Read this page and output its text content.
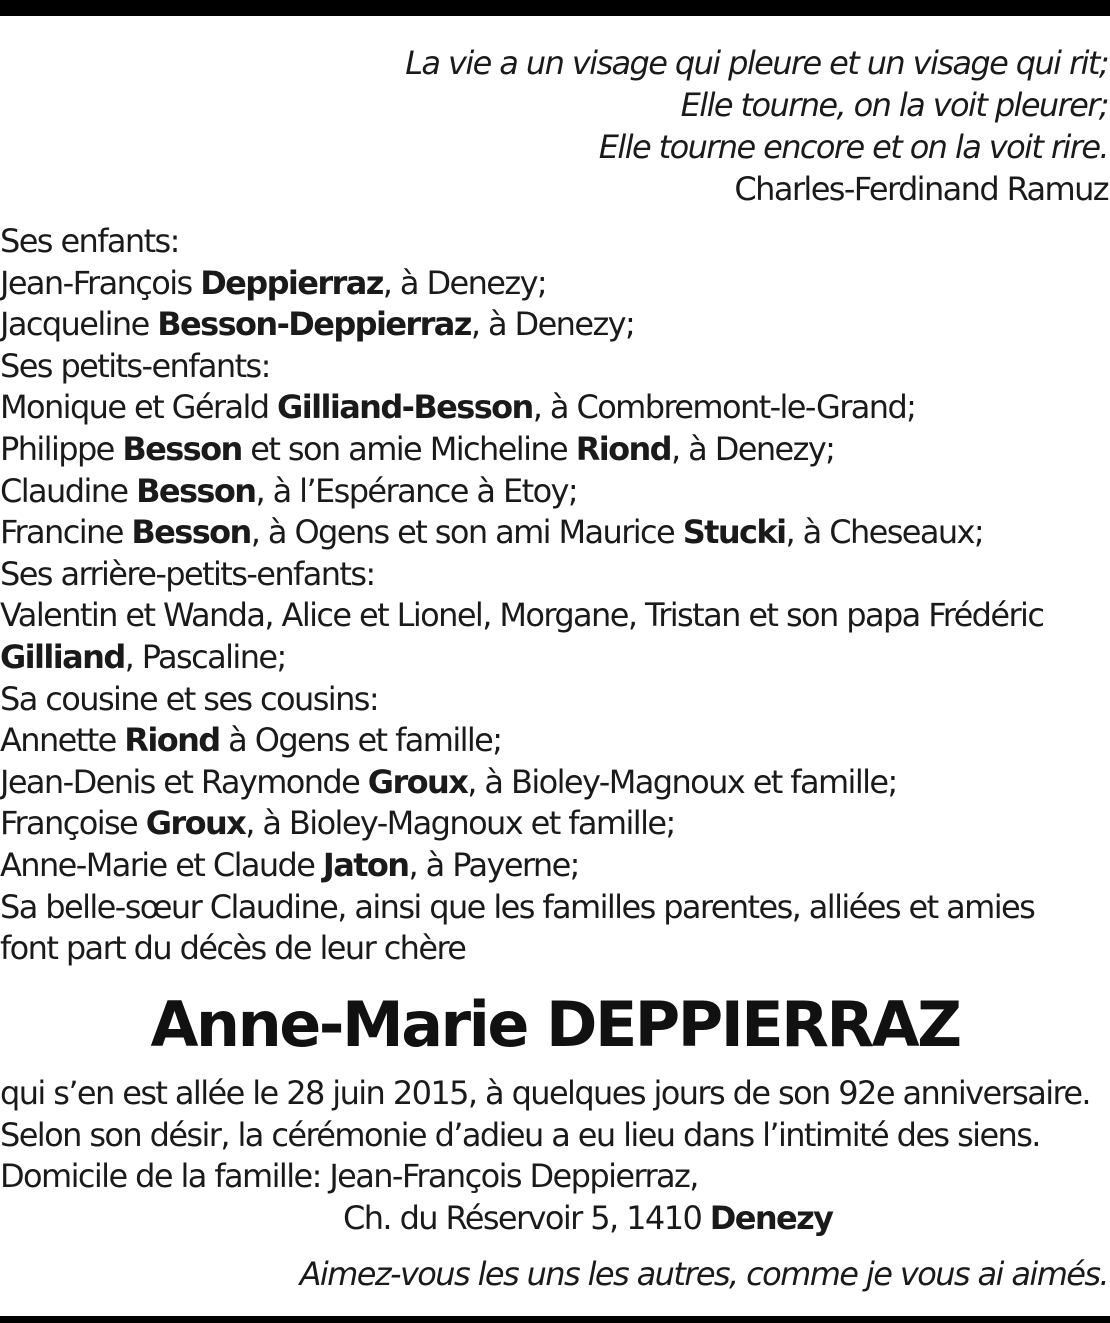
La vie a un visage qui pleure et un visage qui rit;
Elle tourne, on la voit pleurer;
Elle tourne encore et on la voit rire.
Charles-Ferdinand Ramuz
Ses enfants:
Jean-François Deppierraz, à Denezy;
Jacqueline Besson-Deppierraz, à Denezy;
Ses petits-enfants:
Monique et Gérald Gilliand-Besson, à Combremont-le-Grand;
Philippe Besson et son amie Micheline Riond, à Denezy;
Claudine Besson, à l’Espérance à Etoy;
Francine Besson, à Ogens et son ami Maurice Stucki, à Cheseaux;
Ses arrière-petits-enfants:
Valentin et Wanda, Alice et Lionel, Morgane, Tristan et son papa Frédéric
Gilliand, Pascaline;
Sa cousine et ses cousins:
Annette Riond à Ogens et famille;
Jean-Denis et Raymonde Groux, à Bioley-Magnoux et famille;
Françoise Groux, à Bioley-Magnoux et famille;
Anne-Marie et Claude Jaton, à Payerne;
Sa belle-sœur Claudine, ainsi que les familles parentes, alliées et amies
font part du décès de leur chère
Anne-Marie DEPPIERRAZ
qui s’en est allée le 28 juin 2015, à quelques jours de son 92e anniversaire.
Selon son désir, la cérémonie d’adieu a eu lieu dans l’intimité des siens.
Domicile de la famille: Jean-François Deppierraz,
Ch. du Réservoir 5, 1410 Denezy
Aimez-vous les uns les autres, comme je vous ai aimés.
